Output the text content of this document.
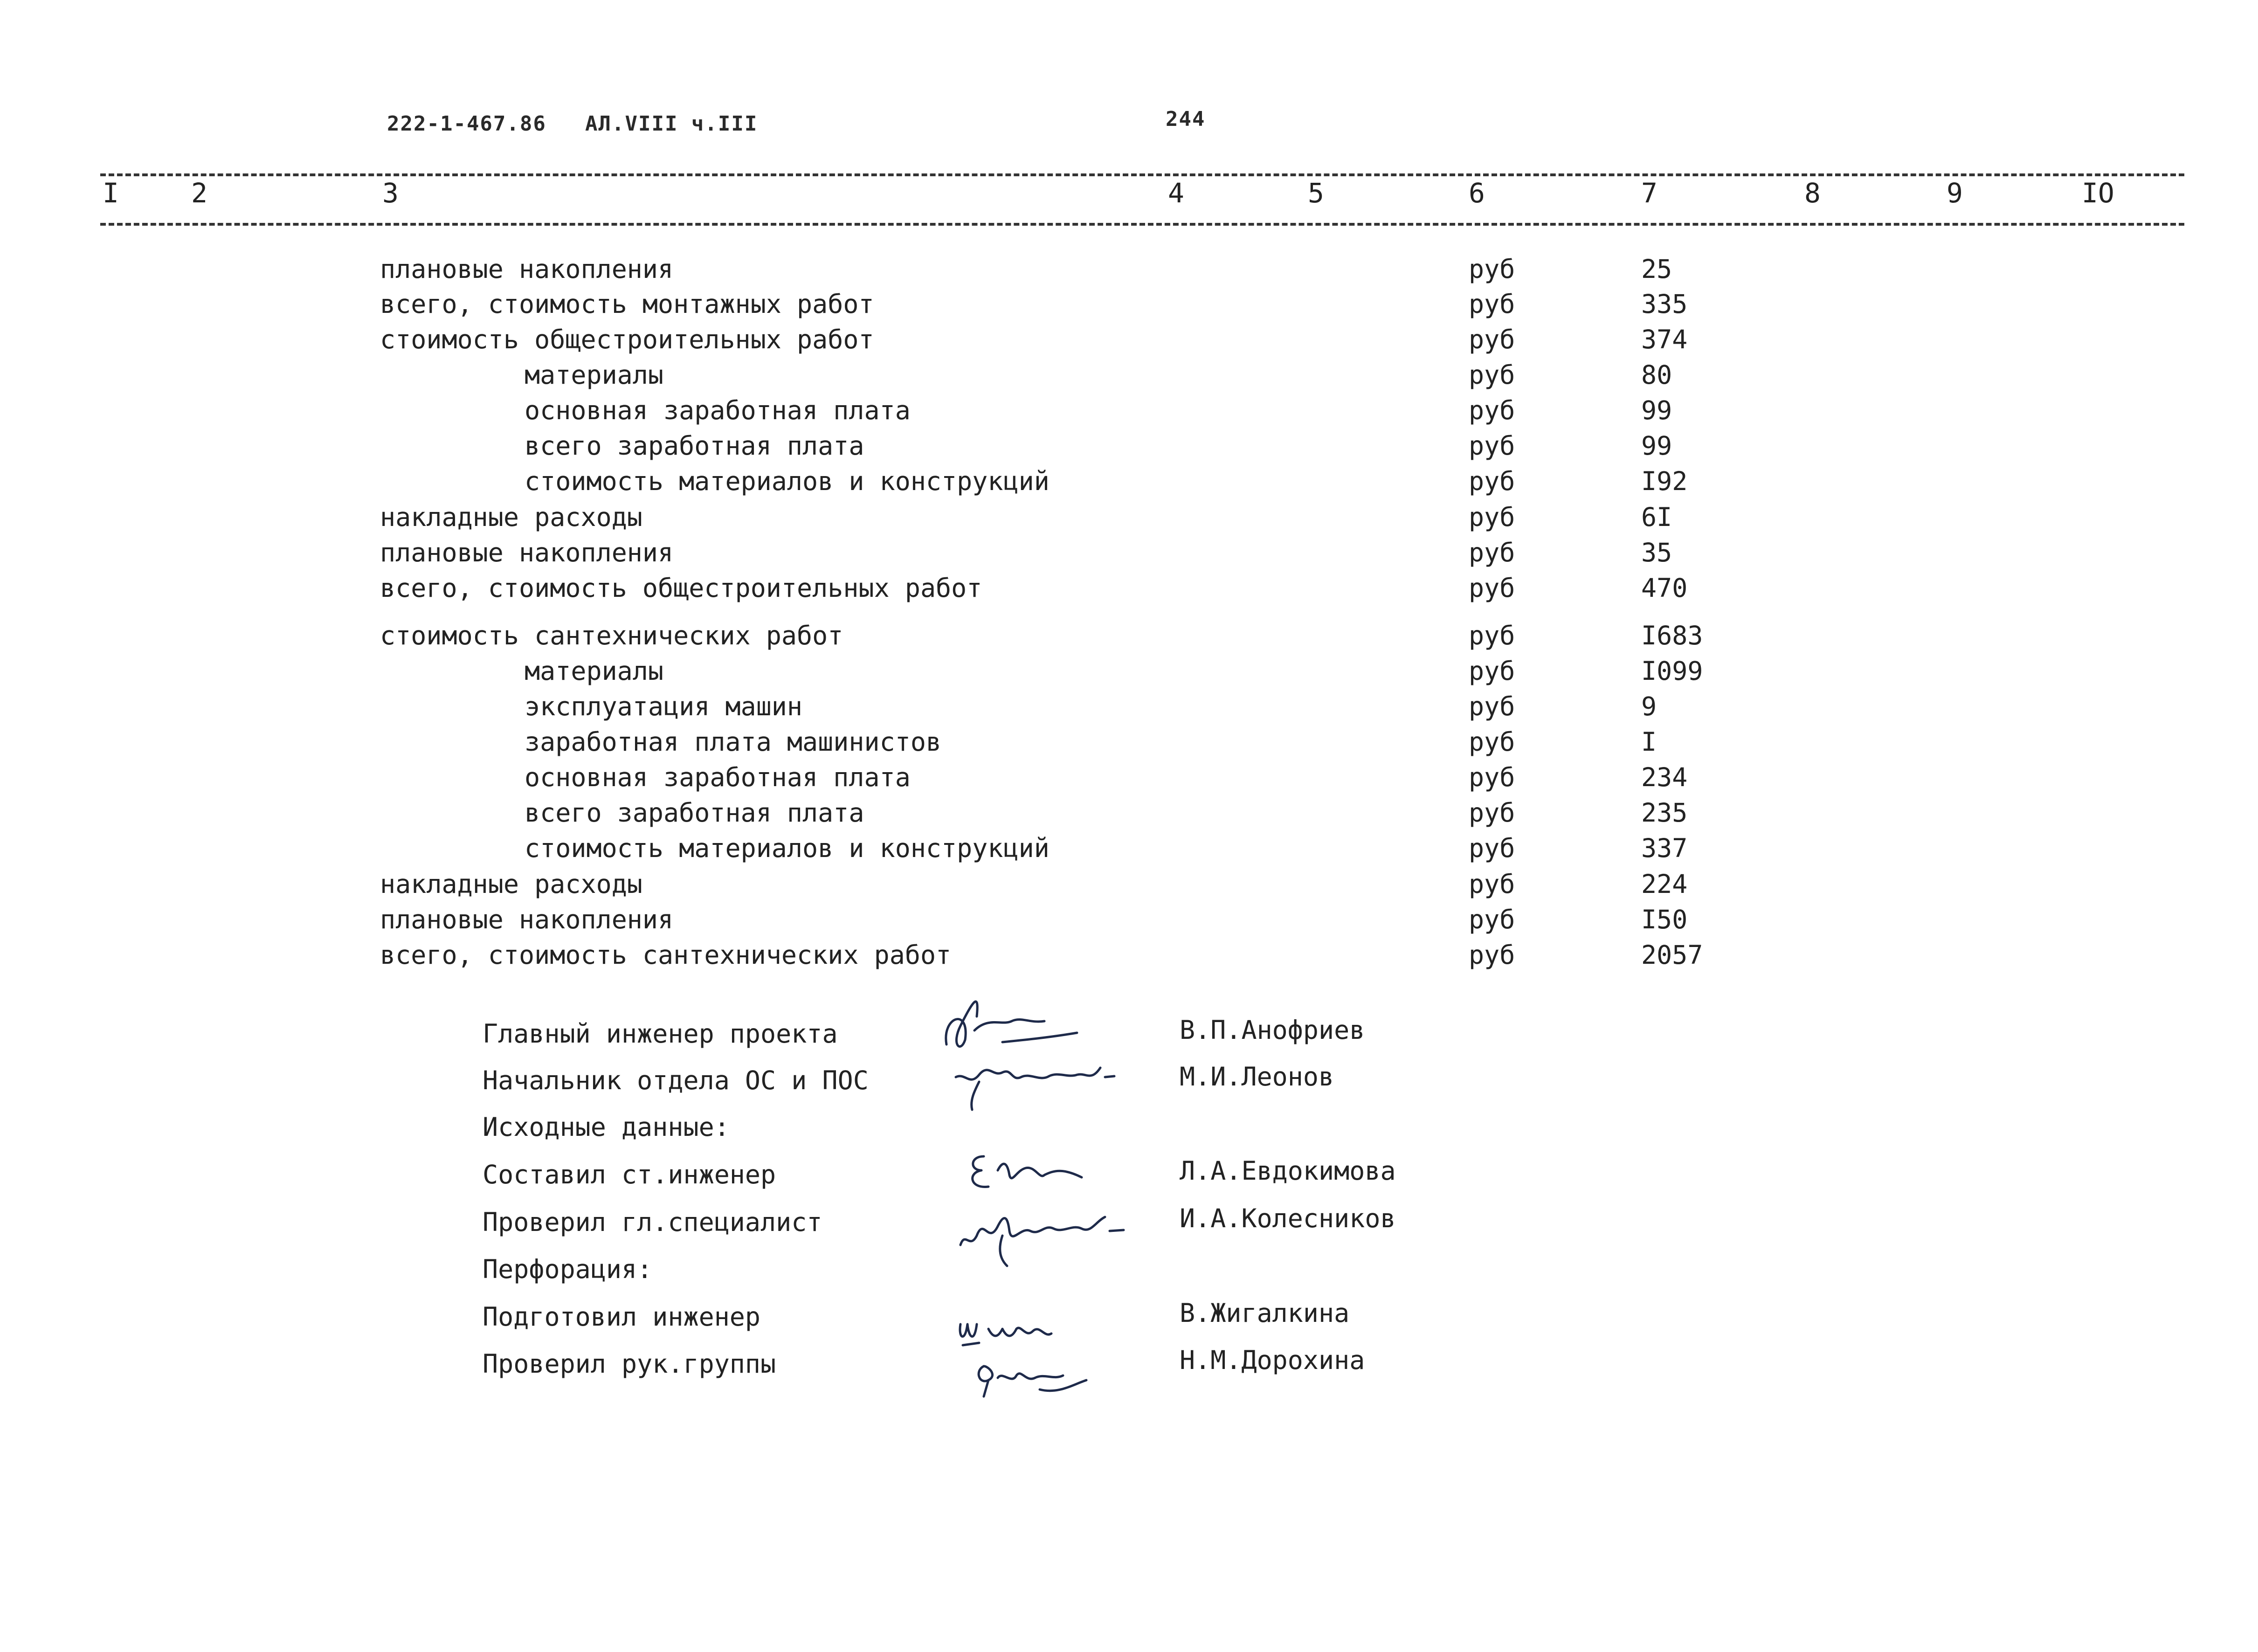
222-1-467.86 АЛ.VIII ч.III	244
I	2	3	4	5	6	7	8	9	IO
плановые накопления	руб	25
всего, стоимость монтажных работ	руб	335
стоимость общестроительных работ	руб	374
материалы	руб	80
основная заработная плата	руб	99
всего заработная плата	руб	99
стоимость материалов и конструкций	руб	I92
накладные расходы	руб	6I
плановые накопления	руб	35
всего, стоимость общестроительных работ	руб	470
стоимость сантехнических работ	руб	I683
материалы	руб	I099
эксплуатация машин	руб	9
заработная плата машинистов	руб	I
основная заработная плата	руб	234
всего заработная плата	руб	235
стоимость материалов и конструкций	руб	337
накладные расходы	руб	224
плановые накопления	руб	I50
всего, стоимость сантехнических работ	руб	2057
Главный инженер проекта	В.П.Анофриев
Начальник отдела ОС и ПОС	М.И.Леонов
Исходные данные:
Составил ст.инженер	Л.А.Евдокимова
Проверил гл.специалист	И.А.Колесников
Перфорация:
Подготовил инженер	В.Жигалкина
Проверил рук.группы	Н.М.Дорохина
